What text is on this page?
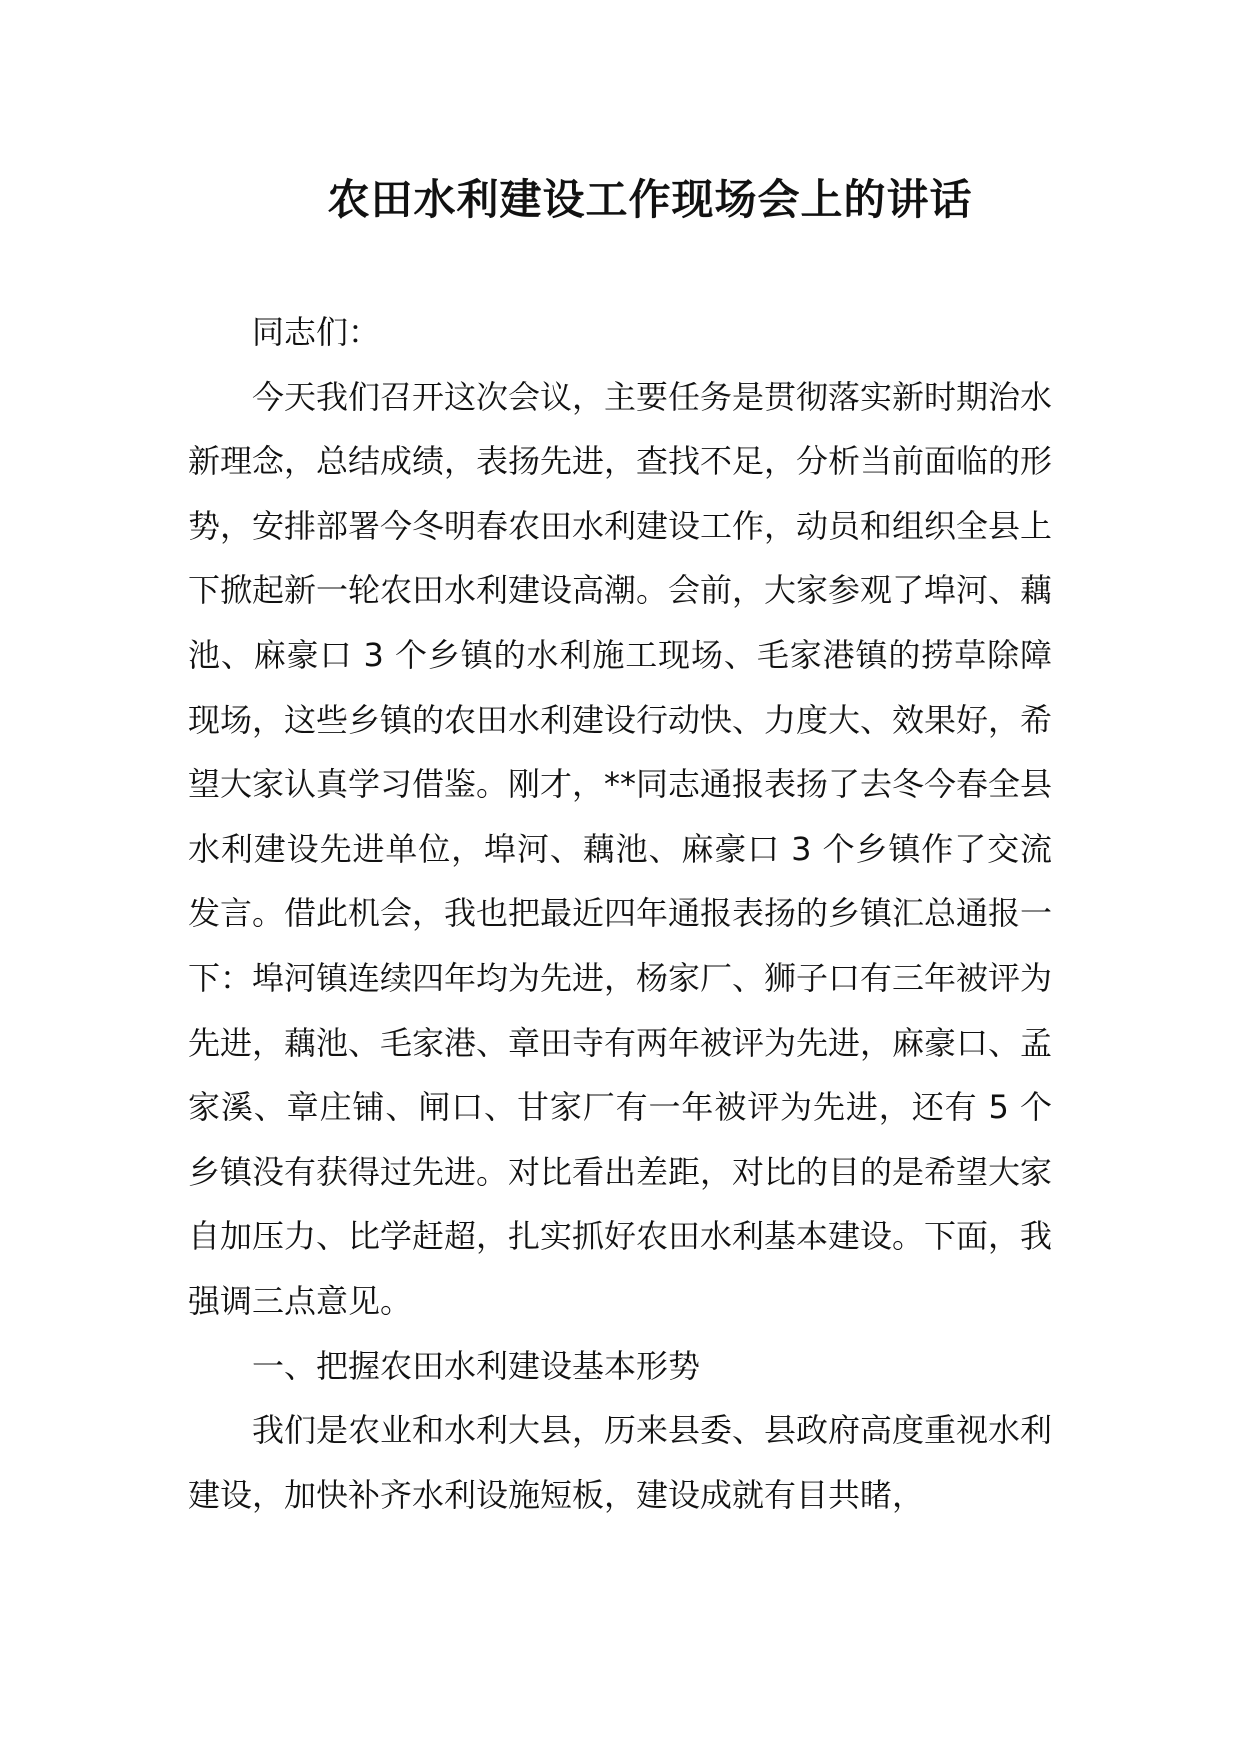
农田水利建设工作现场会上的讲话

同志们：

今天我们召开这次会议，主要任务是贯彻落实新时期治水新理念，总结成绩，表扬先进，查找不足，分析当前面临的形势，安排部署今冬明春农田水利建设工作，动员和组织全县上下掀起新一轮农田水利建设高潮。会前，大家参观了埠河、藕池、麻豪口 3 个乡镇的水利施工现场、毛家港镇的捞草除障现场，这些乡镇的农田水利建设行动快、力度大、效果好，希望大家认真学习借鉴。刚才，**同志通报表扬了去冬今春全县水利建设先进单位，埠河、藕池、麻豪口 3 个乡镇作了交流发言。借此机会，我也把最近四年通报表扬的乡镇汇总通报一下：埠河镇连续四年均为先进，杨家厂、狮子口有三年被评为先进，藕池、毛家港、章田寺有两年被评为先进，麻豪口、孟家溪、章庄铺、闸口、甘家厂有一年被评为先进，还有 5 个乡镇没有获得过先进。对比看出差距，对比的目的是希望大家自加压力、比学赶超，扎实抓好农田水利基本建设。下面，我强调三点意见。

一、把握农田水利建设基本形势

我们是农业和水利大县，历来县委、县政府高度重视水利建设，加快补齐水利设施短板，建设成就有目共睹，
